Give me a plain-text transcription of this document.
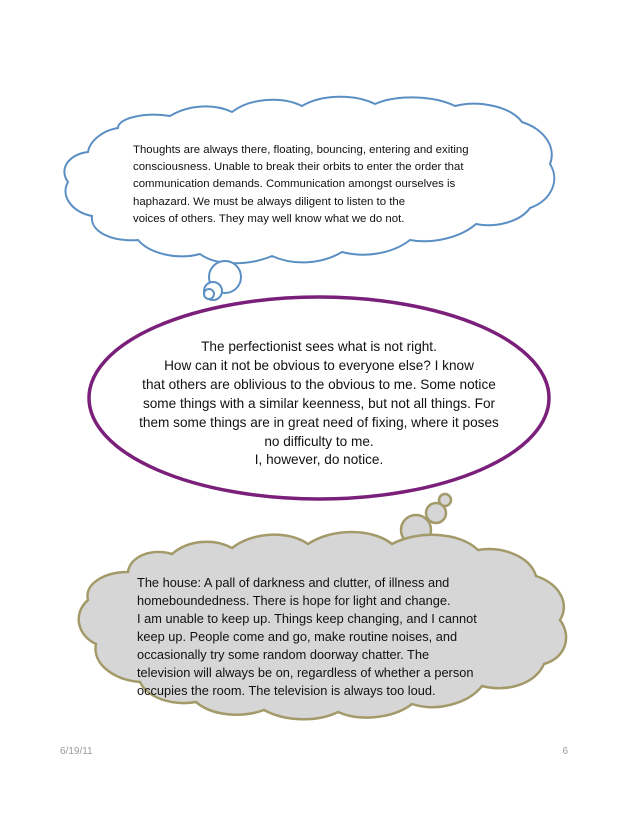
Thoughts are always there, floating, bouncing, entering and exiting
consciousness. Unable to break their orbits to enter the order that
communication demands. Communication amongst ourselves is
haphazard. We must be always diligent to listen to the
voices of others. They may well know what we do not.
The perfectionist sees what is not right.
How can it not be obvious to everyone else? I know
that others are oblivious to the obvious to me. Some notice
some things with a similar keenness, but not all things. For
them some things are in great need of fixing, where it poses
no difficulty to me.
I, however, do notice.
The house: A pall of darkness and clutter, of illness and
homeboundedness. There is hope for light and change.
I am unable to keep up. Things keep changing, and I cannot
keep up. People come and go, make routine noises, and
occasionally try some random doorway chatter. The
television will always be on, regardless of whether a person
occupies the room. The television is always too loud.
6/19/11	6
